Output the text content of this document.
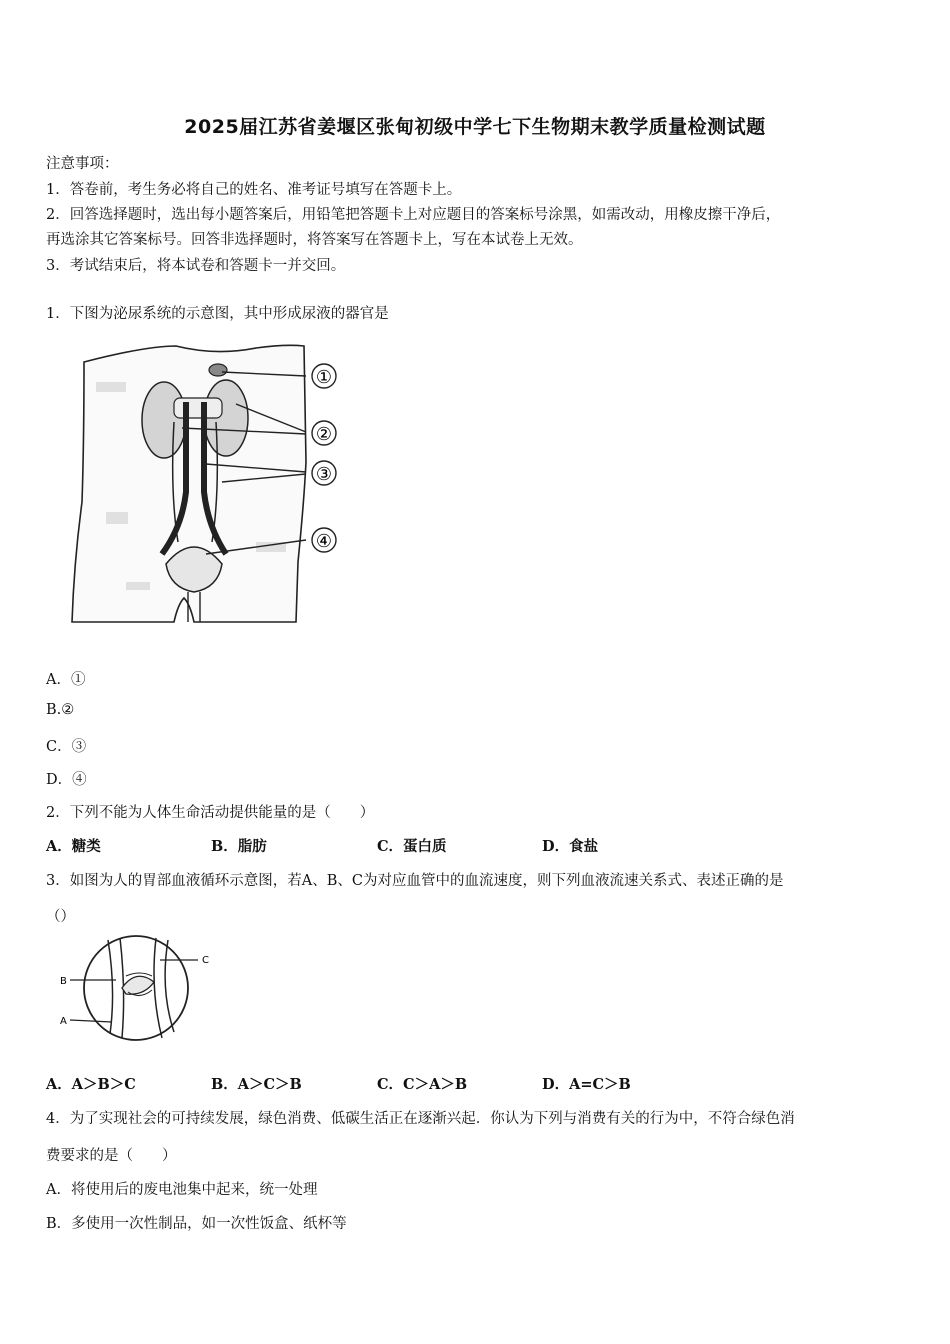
2025届江苏省姜堰区张甸初级中学七下生物期末教学质量检测试题
注意事项：
1．答卷前，考生务必将自己的姓名、准考证号填写在答题卡上。
2．回答选择题时，选出每小题答案后，用铅笔把答题卡上对应题目的答案标号涂黑，如需改动，用橡皮擦干净后，
再选涂其它答案标号。回答非选择题时，将答案写在答题卡上，写在本试卷上无效。
3．考试结束后，将本试卷和答题卡一并交回。
1．下图为泌尿系统的示意图，其中形成尿液的器官是
①
②
③
④
A．①
B.②
C．③
D．④
2．下列不能为人体生命活动提供能量的是（　　）
A．糖类	B．脂肪	C．蛋白质	D．食盐
3．如图为人的胃部血液循环示意图，若A、B、C为对应血管中的血流速度，则下列血液流速关系式、表述正确的是
（）
B
C
A
A．A＞B＞C	B．A＞C＞B	C．C＞A＞B	D．A=C＞B
4．为了实现社会的可持续发展，绿色消费、低碳生活正在逐渐兴起．你认为下列与消费有关的行为中，不符合绿色消
费要求的是（　　）
A．将使用后的废电池集中起来，统一处理
B．多使用一次性制品，如一次性饭盒、纸杯等
